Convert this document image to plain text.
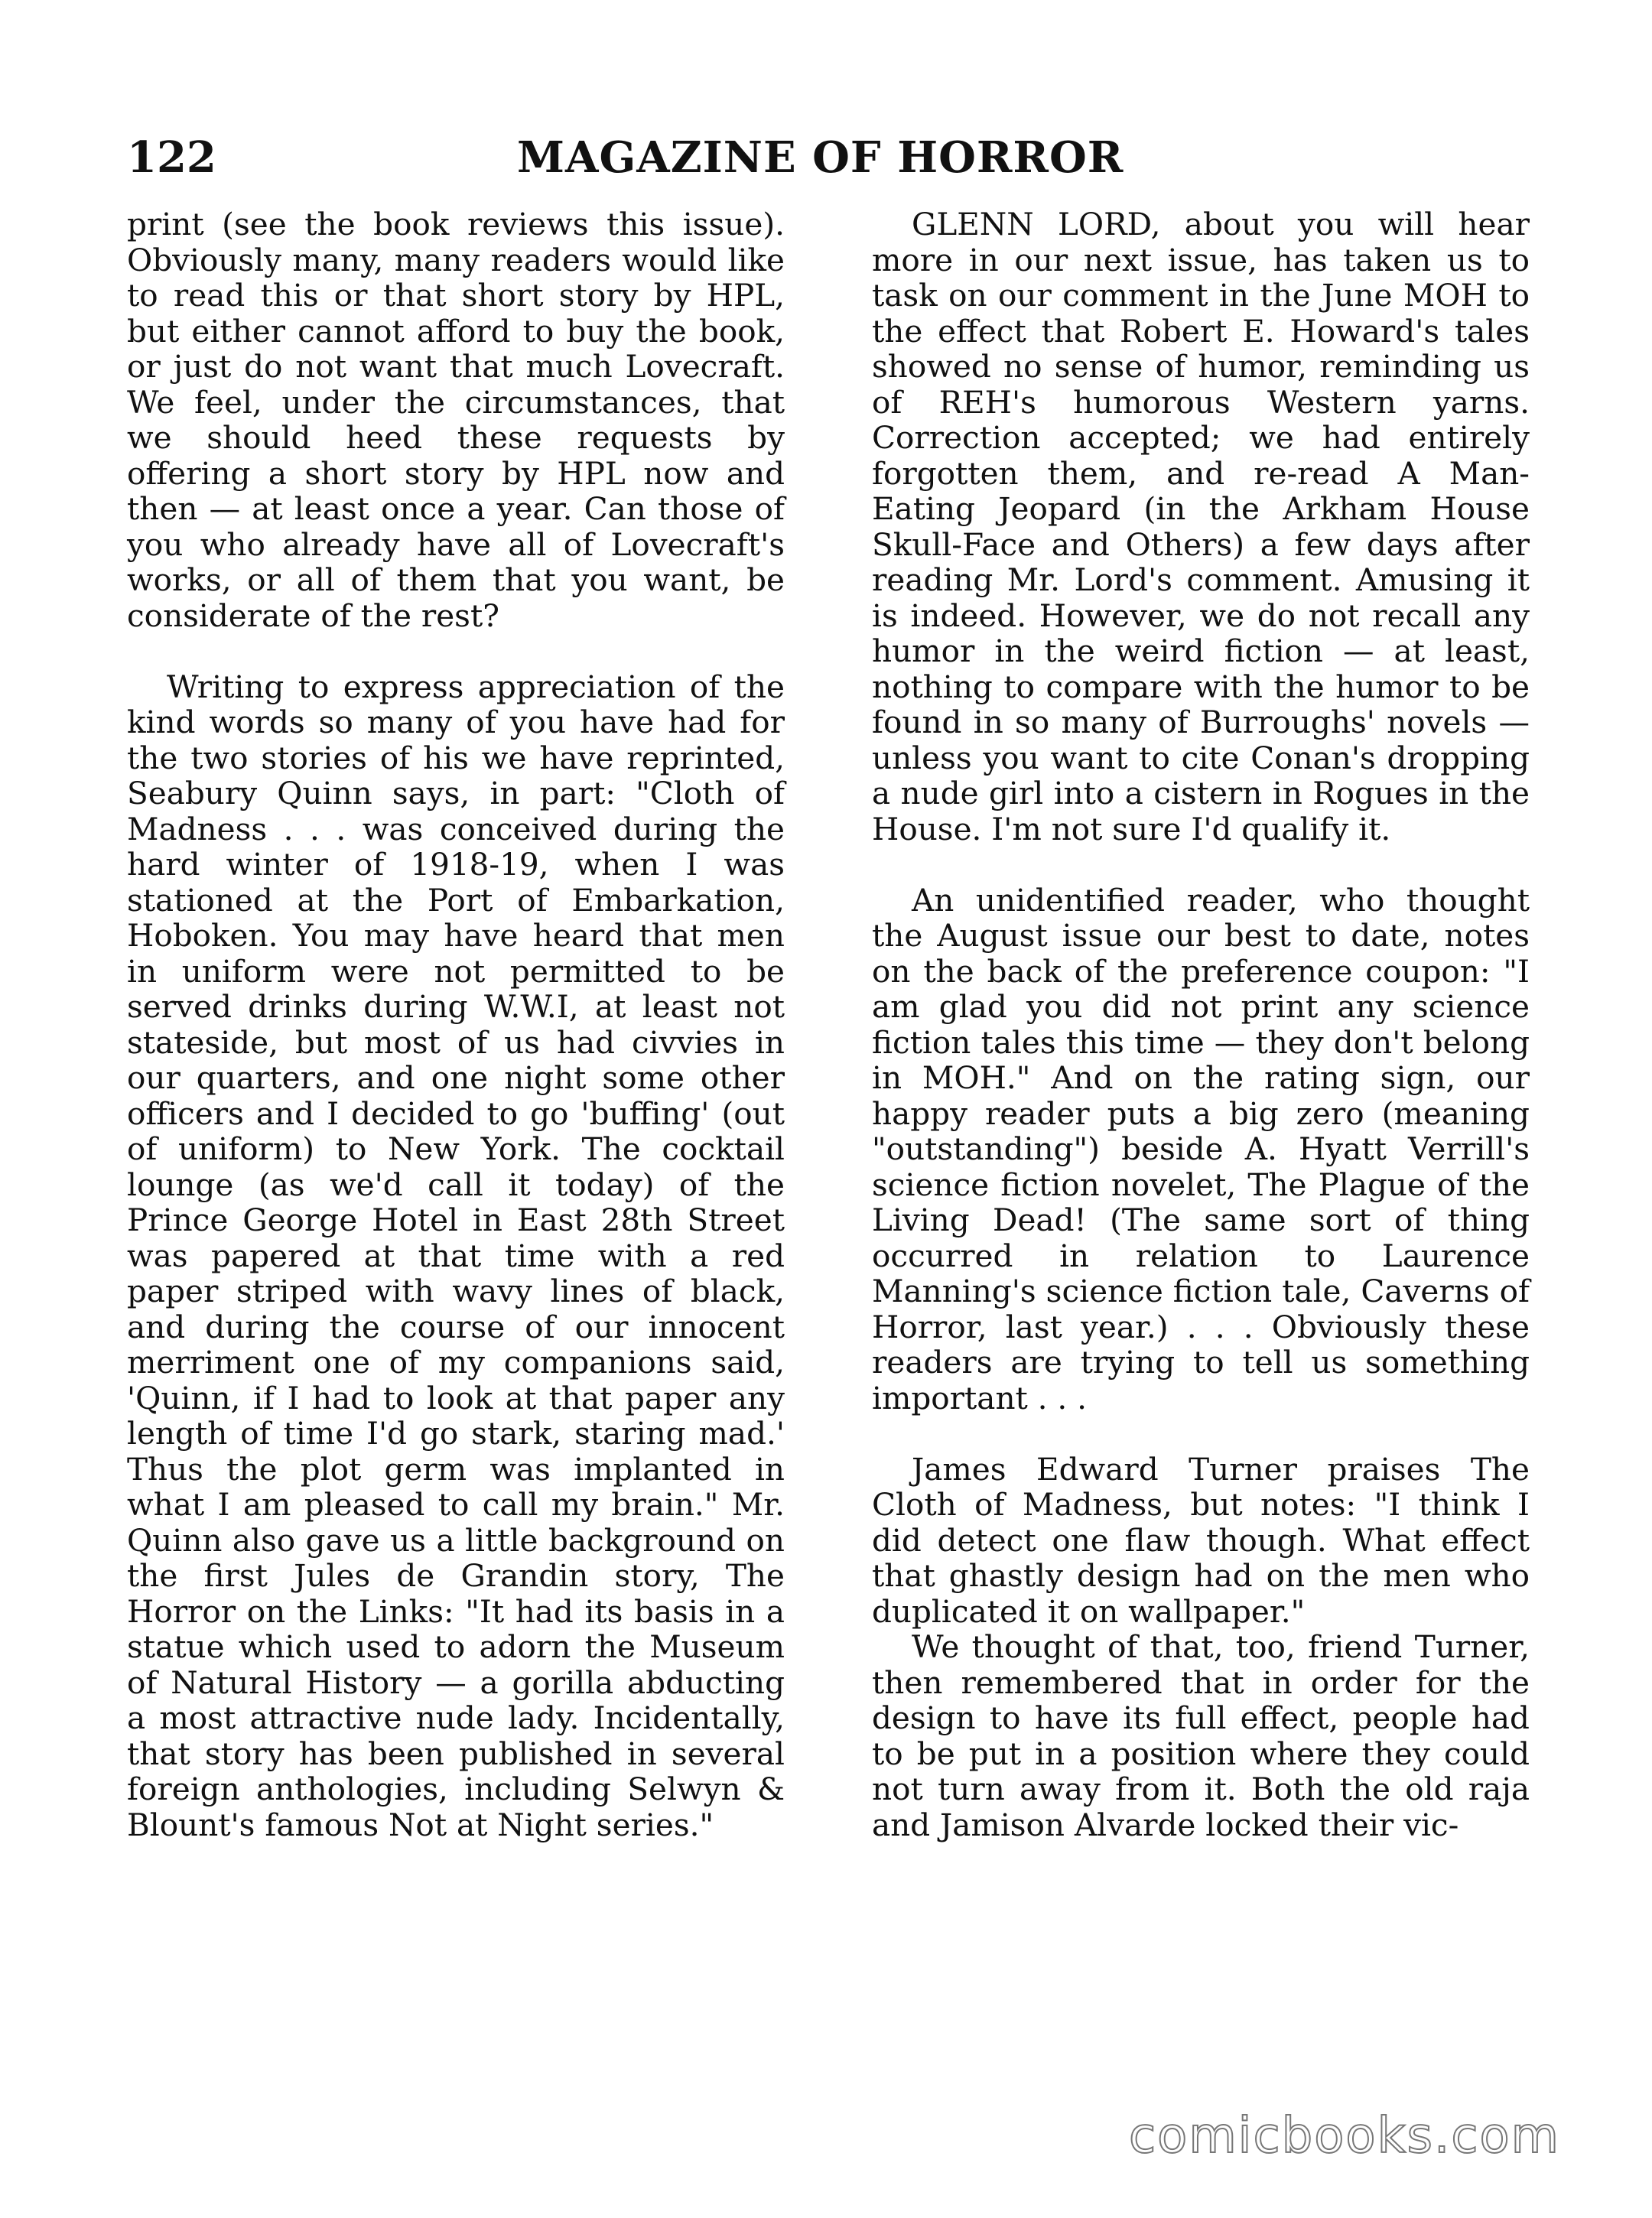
122	MAGAZINE OF HORROR

print (see the book reviews this issue). Obviously many, many readers would like to read this or that short story by HPL, but either cannot afford to buy the book, or just do not want that much Lovecraft. We feel, under the circumstances, that we should heed these requests by offering a short story by HPL now and then — at least once a year. Can those of you who already have all of Lovecraft's works, or all of them that you want, be considerate of the rest?

Writing to express appreciation of the kind words so many of you have had for the two stories of his we have reprinted, Seabury Quinn says, in part: "Cloth of Madness . . . was conceived during the hard winter of 1918-19, when I was stationed at the Port of Embarkation, Hoboken. You may have heard that men in uniform were not permitted to be served drinks during W.W.I, at least not stateside, but most of us had civvies in our quarters, and one night some other officers and I decided to go 'buffing' (out of uniform) to New York. The cocktail lounge (as we'd call it today) of the Prince George Hotel in East 28th Street was papered at that time with a red paper striped with wavy lines of black, and during the course of our innocent merriment one of my companions said, 'Quinn, if I had to look at that paper any length of time I'd go stark, staring mad.' Thus the plot germ was implanted in what I am pleased to call my brain." Mr. Quinn also gave us a little background on the first Jules de Grandin story, The Horror on the Links: "It had its basis in a statue which used to adorn the Museum of Natural History — a gorilla abducting a most attractive nude lady. Incidentally, that story has been published in several foreign anthologies, including Selwyn & Blount's famous Not at Night series."

GLENN LORD, about you will hear more in our next issue, has taken us to task on our comment in the June MOH to the effect that Robert E. Howard's tales showed no sense of humor, reminding us of REH's humorous Western yarns. Correction accepted; we had entirely forgotten them, and re-read A Man-Eating Jeopard (in the Arkham House Skull-Face and Others) a few days after reading Mr. Lord's comment. Amusing it is indeed. However, we do not recall any humor in the weird fiction — at least, nothing to compare with the humor to be found in so many of Burroughs' novels — unless you want to cite Conan's dropping a nude girl into a cistern in Rogues in the House. I'm not sure I'd qualify it.

An unidentified reader, who thought the August issue our best to date, notes on the back of the preference coupon: "I am glad you did not print any science fiction tales this time — they don't belong in MOH." And on the rating sign, our happy reader puts a big zero (meaning "outstanding") beside A. Hyatt Verrill's science fiction novelet, The Plague of the Living Dead! (The same sort of thing occurred in relation to Laurence Manning's science fiction tale, Caverns of Horror, last year.) . . . Obviously these readers are trying to tell us something important . . .

James Edward Turner praises The Cloth of Madness, but notes: "I think I did detect one flaw though. What effect that ghastly design had on the men who duplicated it on wallpaper."

We thought of that, too, friend Turner, then remembered that in order for the design to have its full effect, people had to be put in a position where they could not turn away from it. Both the old raja and Jamison Alvarde locked their vic-

comicbooks.com
